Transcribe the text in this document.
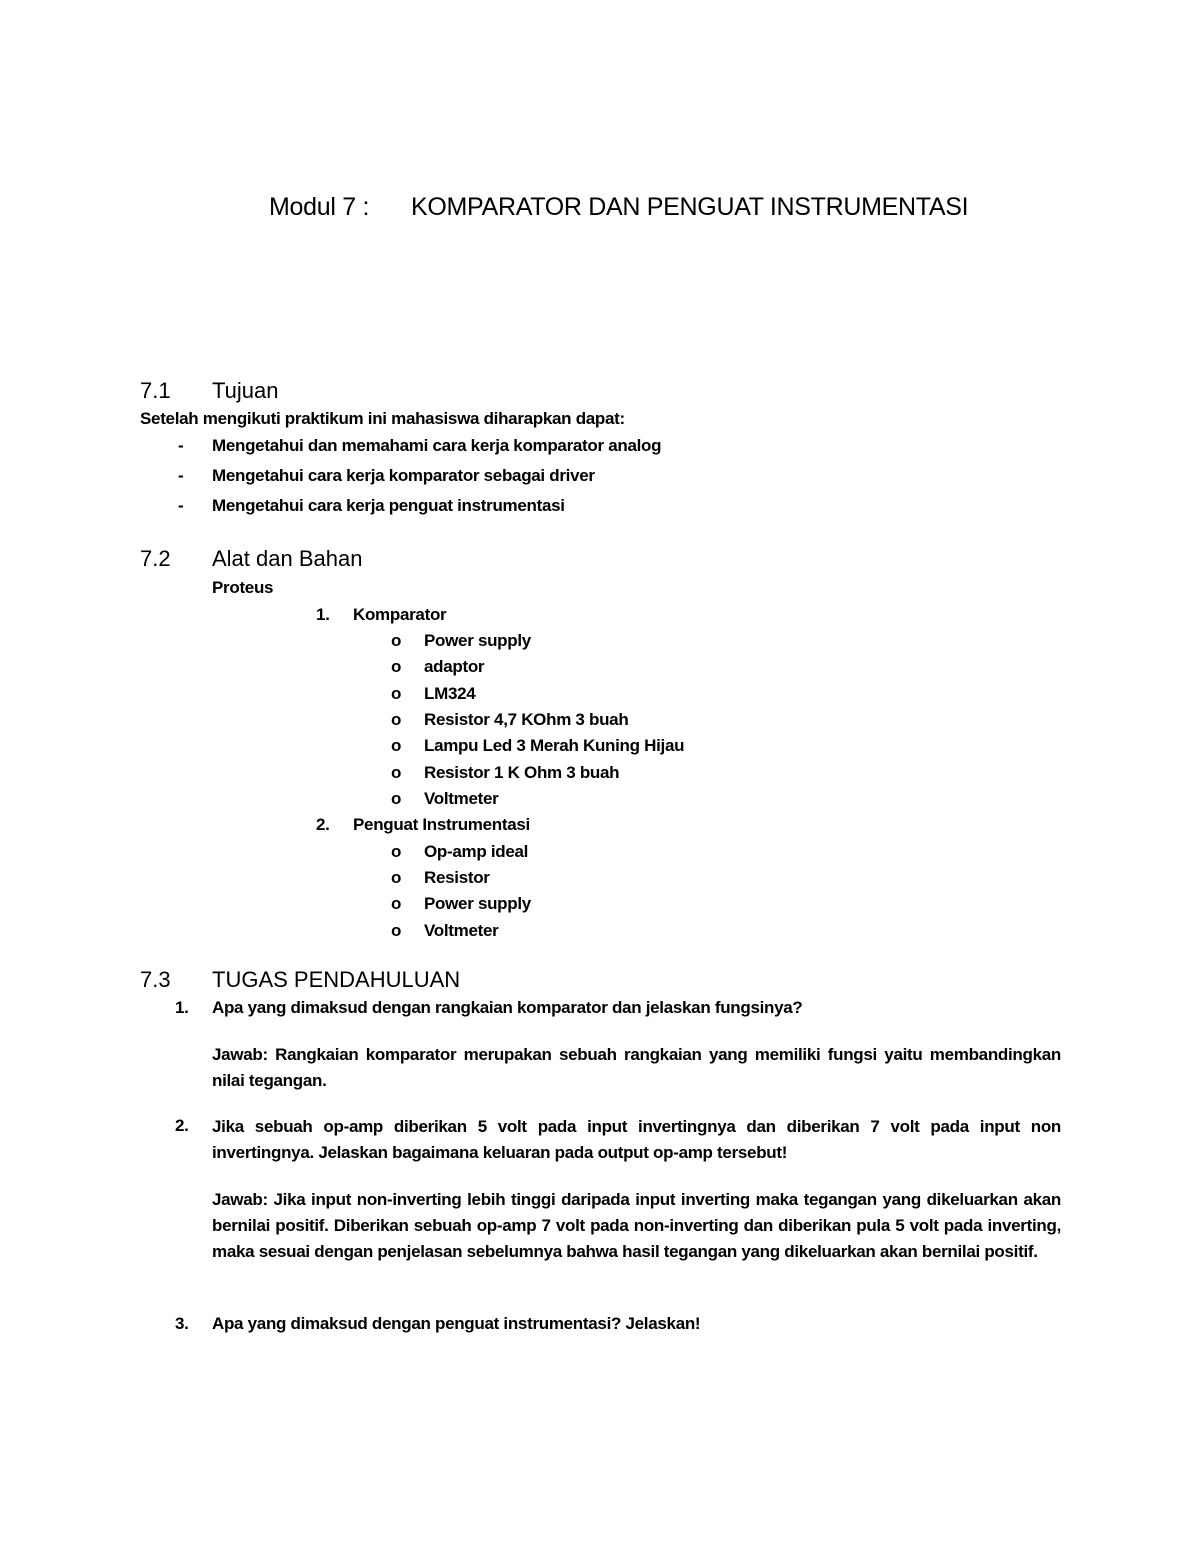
Modul 7 : KOMPARATOR DAN PENGUAT INSTRUMENTASI
7.1 Tujuan
Setelah mengikuti praktikum ini mahasiswa diharapkan dapat:
- Mengetahui dan memahami cara kerja komparator analog
- Mengetahui cara kerja komparator sebagai driver
- Mengetahui cara kerja penguat instrumentasi
7.2 Alat dan Bahan
Proteus
1. Komparator
o Power supply
o adaptor
o LM324
o Resistor 4,7 KOhm 3 buah
o Lampu Led 3 Merah Kuning Hijau
o Resistor 1 K Ohm 3 buah
o Voltmeter
2. Penguat Instrumentasi
o Op-amp ideal
o Resistor
o Power supply
o Voltmeter
7.3 TUGAS PENDAHULUAN
1. Apa yang dimaksud dengan rangkaian komparator dan jelaskan fungsinya?
Jawab: Rangkaian komparator merupakan sebuah rangkaian yang memiliki fungsi yaitu membandingkan nilai tegangan.
2. Jika sebuah op-amp diberikan 5 volt pada input invertingnya dan diberikan 7 volt pada input non invertingnya. Jelaskan bagaimana keluaran pada output op-amp tersebut!
Jawab: Jika input non-inverting lebih tinggi daripada input inverting maka tegangan yang dikeluarkan akan bernilai positif. Diberikan sebuah op-amp 7 volt pada non-inverting dan diberikan pula 5 volt pada inverting, maka sesuai dengan penjelasan sebelumnya bahwa hasil tegangan yang dikeluarkan akan bernilai positif.
3. Apa yang dimaksud dengan penguat instrumentasi? Jelaskan!
